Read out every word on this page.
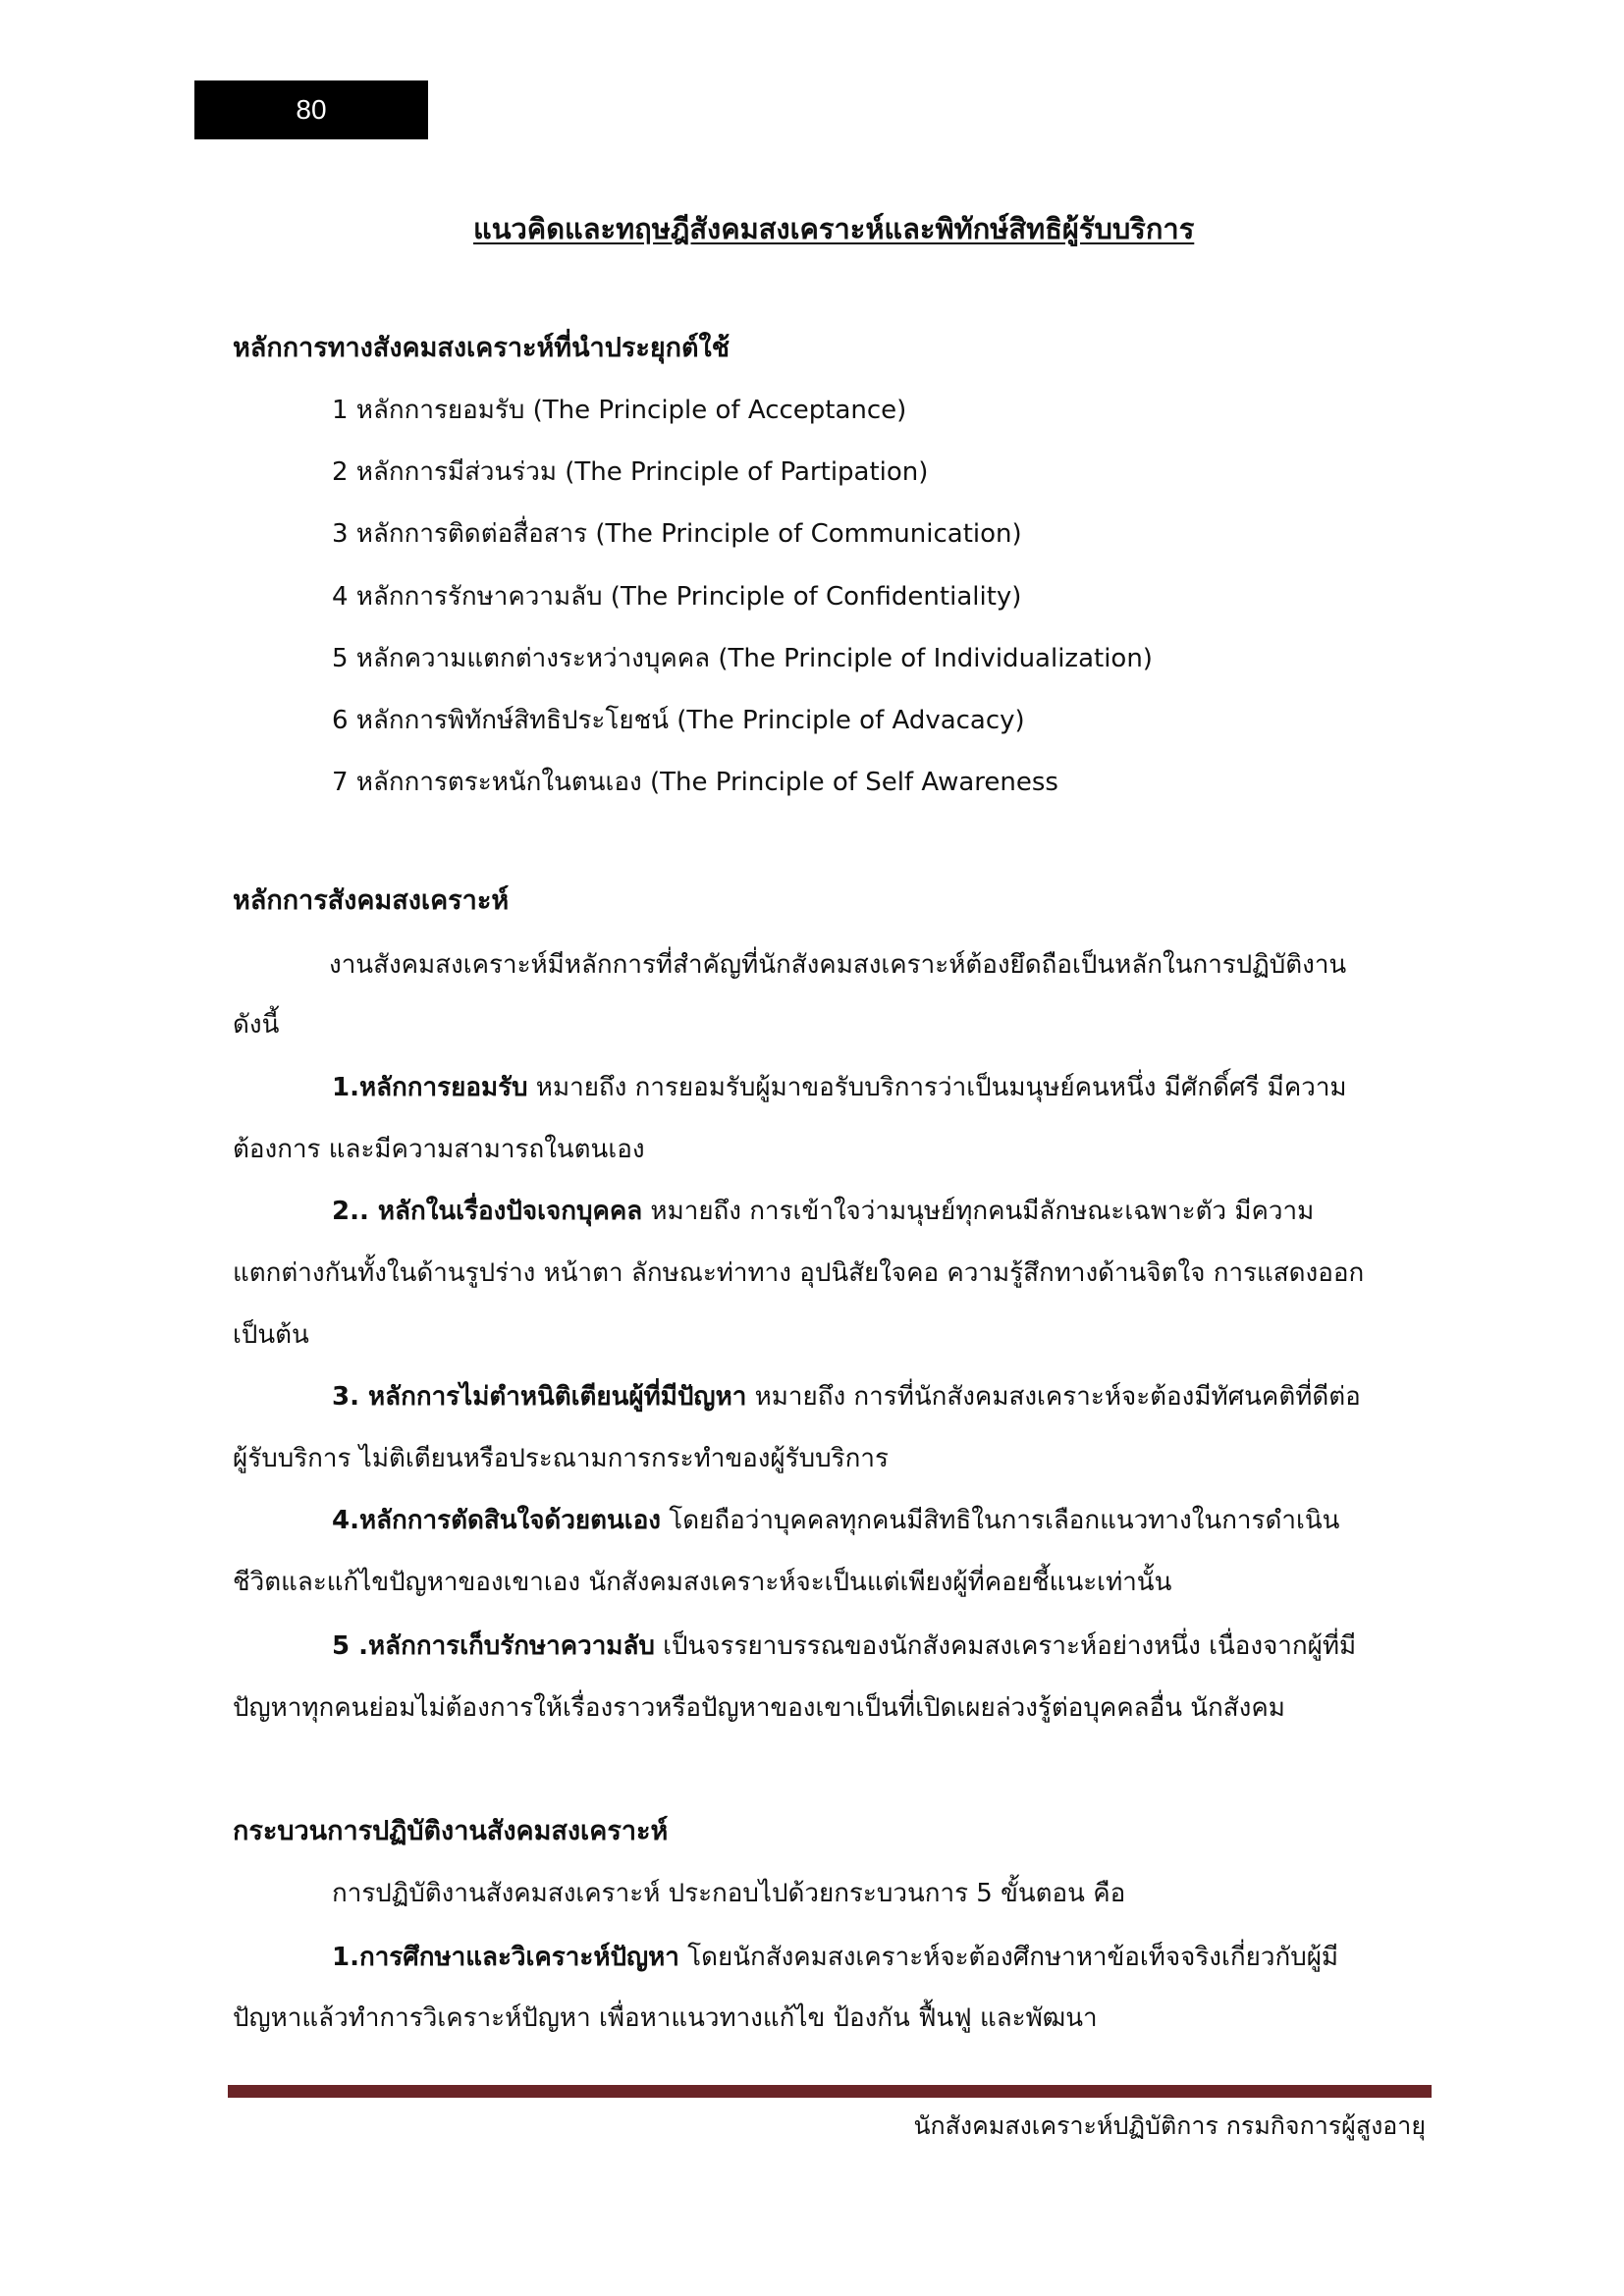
80
แนวคิดและทฤษฎีสังคมสงเคราะห์และพิทักษ์สิทธิผู้รับบริการ
หลักการทางสังคมสงเคราะห์ที่นำประยุกต์ใช้
1 หลักการยอมรับ (The Principle of Acceptance)
2 หลักการมีส่วนร่วม (The Principle of Partipation)
3 หลักการติดต่อสื่อสาร (The Principle of Communication)
4 หลักการรักษาความลับ (The Principle of Confidentiality)
5 หลักความแตกต่างระหว่างบุคคล (The Principle of Individualization)
6 หลักการพิทักษ์สิทธิประโยชน์ (The Principle of Advacacy)
7 หลักการตระหนักในตนเอง (The Principle of Self Awareness
หลักการสังคมสงเคราะห์
งานสังคมสงเคราะห์มีหลักการที่สำคัญที่นักสังคมสงเคราะห์ต้องยึดถือเป็นหลักในการปฏิบัติงาน
ดังนี้
1.หลักการยอมรับ หมายถึง การยอมรับผู้มาขอรับบริการว่าเป็นมนุษย์คนหนึ่ง มีศักดิ์ศรี มีความ
ต้องการ และมีความสามารถในตนเอง
2.. หลักในเรื่องปัจเจกบุคคล หมายถึง การเข้าใจว่ามนุษย์ทุกคนมีลักษณะเฉพาะตัว มีความ
แตกต่างกันทั้งในด้านรูปร่าง หน้าตา ลักษณะท่าทาง อุปนิสัยใจคอ ความรู้สึกทางด้านจิตใจ การแสดงออก
เป็นต้น
3. หลักการไม่ตำหนิติเตียนผู้ที่มีปัญหา หมายถึง การที่นักสังคมสงเคราะห์จะต้องมีทัศนคติที่ดีต่อ
ผู้รับบริการ ไม่ติเตียนหรือประณามการกระทำของผู้รับบริการ
4.หลักการตัดสินใจด้วยตนเอง โดยถือว่าบุคคลทุกคนมีสิทธิในการเลือกแนวทางในการดำเนิน
ชีวิตและแก้ไขปัญหาของเขาเอง นักสังคมสงเคราะห์จะเป็นแต่เพียงผู้ที่คอยชี้แนะเท่านั้น
5 .หลักการเก็บรักษาความลับ เป็นจรรยาบรรณของนักสังคมสงเคราะห์อย่างหนึ่ง เนื่องจากผู้ที่มี
ปัญหาทุกคนย่อมไม่ต้องการให้เรื่องราวหรือปัญหาของเขาเป็นที่เปิดเผยล่วงรู้ต่อบุคคลอื่น นักสังคม
กระบวนการปฏิบัติงานสังคมสงเคราะห์
การปฏิบัติงานสังคมสงเคราะห์ ประกอบไปด้วยกระบวนการ 5 ขั้นตอน คือ
1.การศึกษาและวิเคราะห์ปัญหา โดยนักสังคมสงเคราะห์จะต้องศึกษาหาข้อเท็จจริงเกี่ยวกับผู้มี
ปัญหาแล้วทำการวิเคราะห์ปัญหา เพื่อหาแนวทางแก้ไข ป้องกัน ฟื้นฟู และพัฒนา
นักสังคมสงเคราะห์ปฏิบัติการ กรมกิจการผู้สูงอายุ
